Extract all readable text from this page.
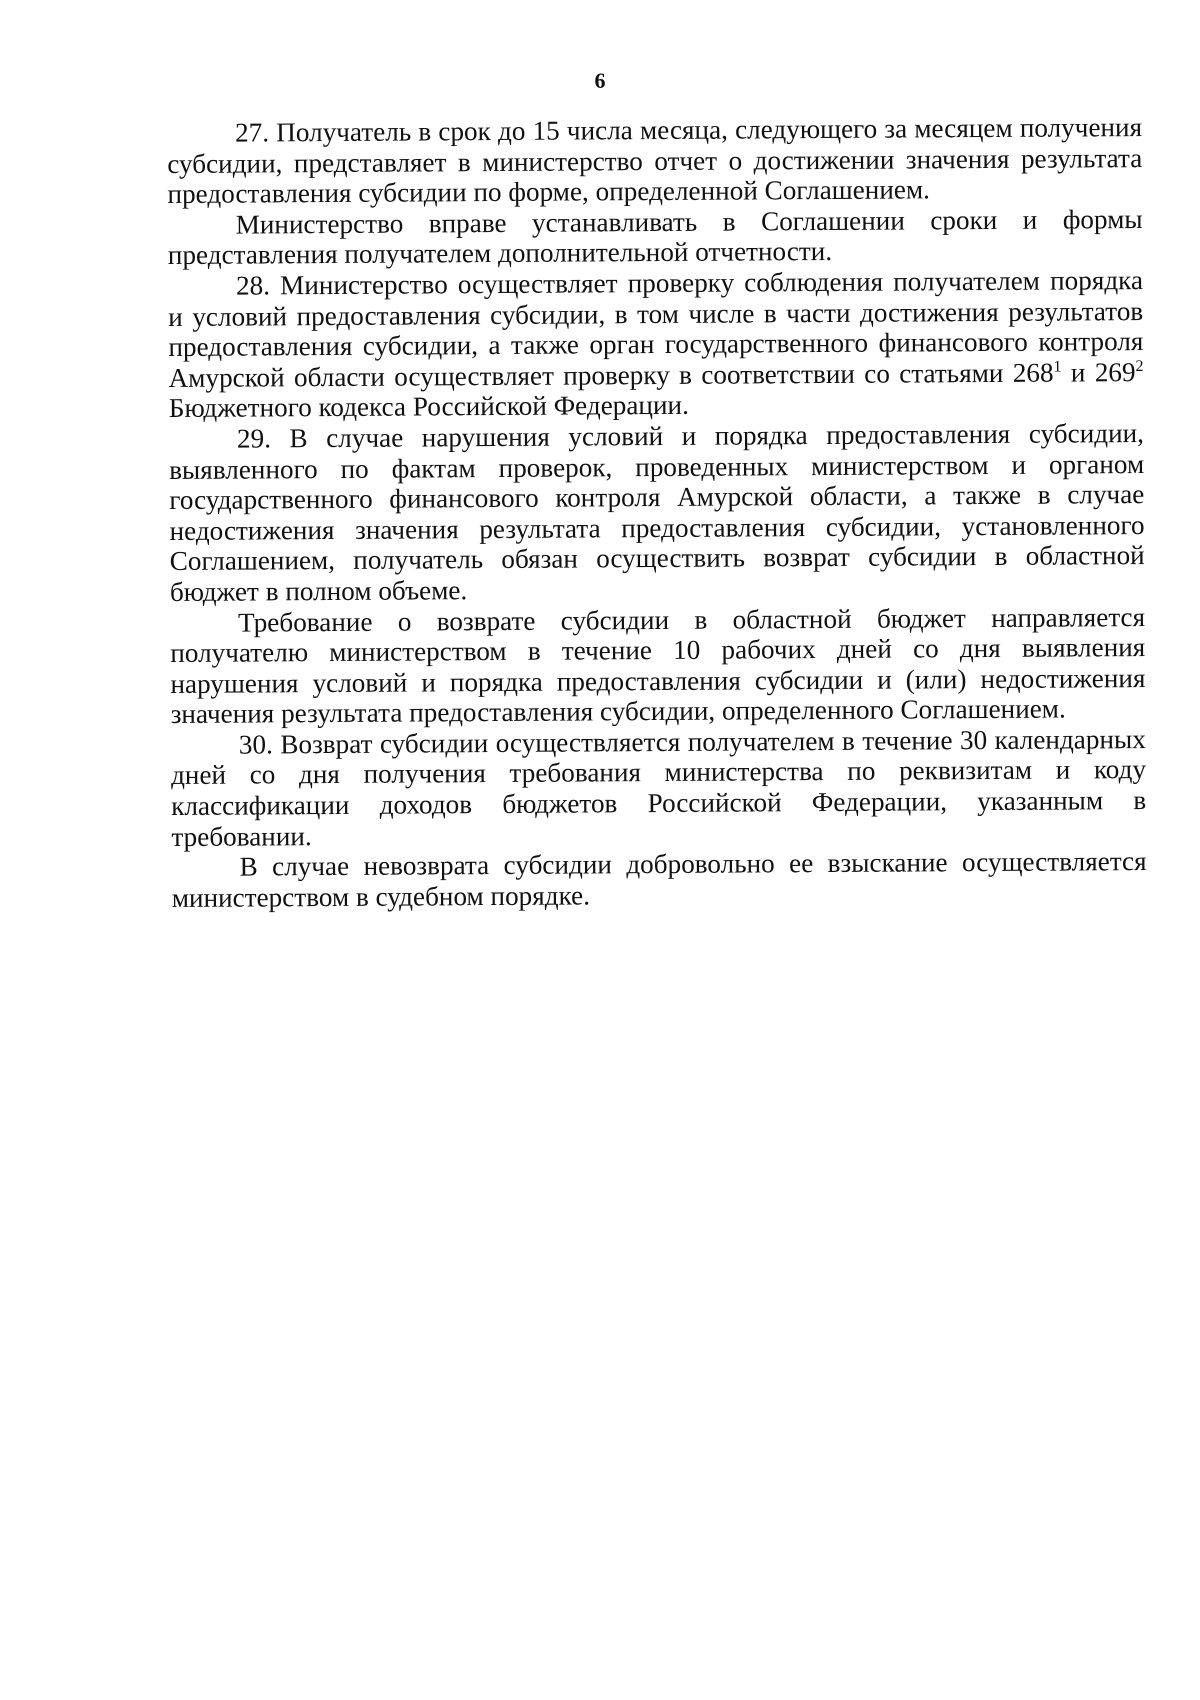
6

27. Получатель в срок до 15 числа месяца, следующего за месяцем получения субсидии, представляет в министерство отчет о достижении значения результата предоставления субсидии по форме, определенной Соглашением.

Министерство вправе устанавливать в Соглашении сроки и формы представления получателем дополнительной отчетности.

28. Министерство осуществляет проверку соблюдения получателем порядка и условий предоставления субсидии, в том числе в части достижения результатов предоставления субсидии, а также орган государственного финансового контроля Амурской области осуществляет проверку в соответствии со статьями $268^1$ и $269^2$ Бюджетного кодекса Российской Федерации.

29. В случае нарушения условий и порядка предоставления субсидии, выявленного по фактам проверок, проведенных министерством и органом государственного финансового контроля Амурской области, а также в случае недостижения значения результата предоставления субсидии, установленного Соглашением, получатель обязан осуществить возврат субсидии в областной бюджет в полном объеме.

Требование о возврате субсидии в областной бюджет направляется получателю министерством в течение 10 рабочих дней со дня выявления нарушения условий и порядка предоставления субсидии и (или) недостижения значения результата предоставления субсидии, определенного Соглашением.

30. Возврат субсидии осуществляется получателем в течение 30 календарных дней со дня получения требования министерства по реквизитам и коду классификации доходов бюджетов Российской Федерации, указанным в требовании.

В случае невозврата субсидии добровольно ее взыскание осуществляется министерством в судебном порядке.
